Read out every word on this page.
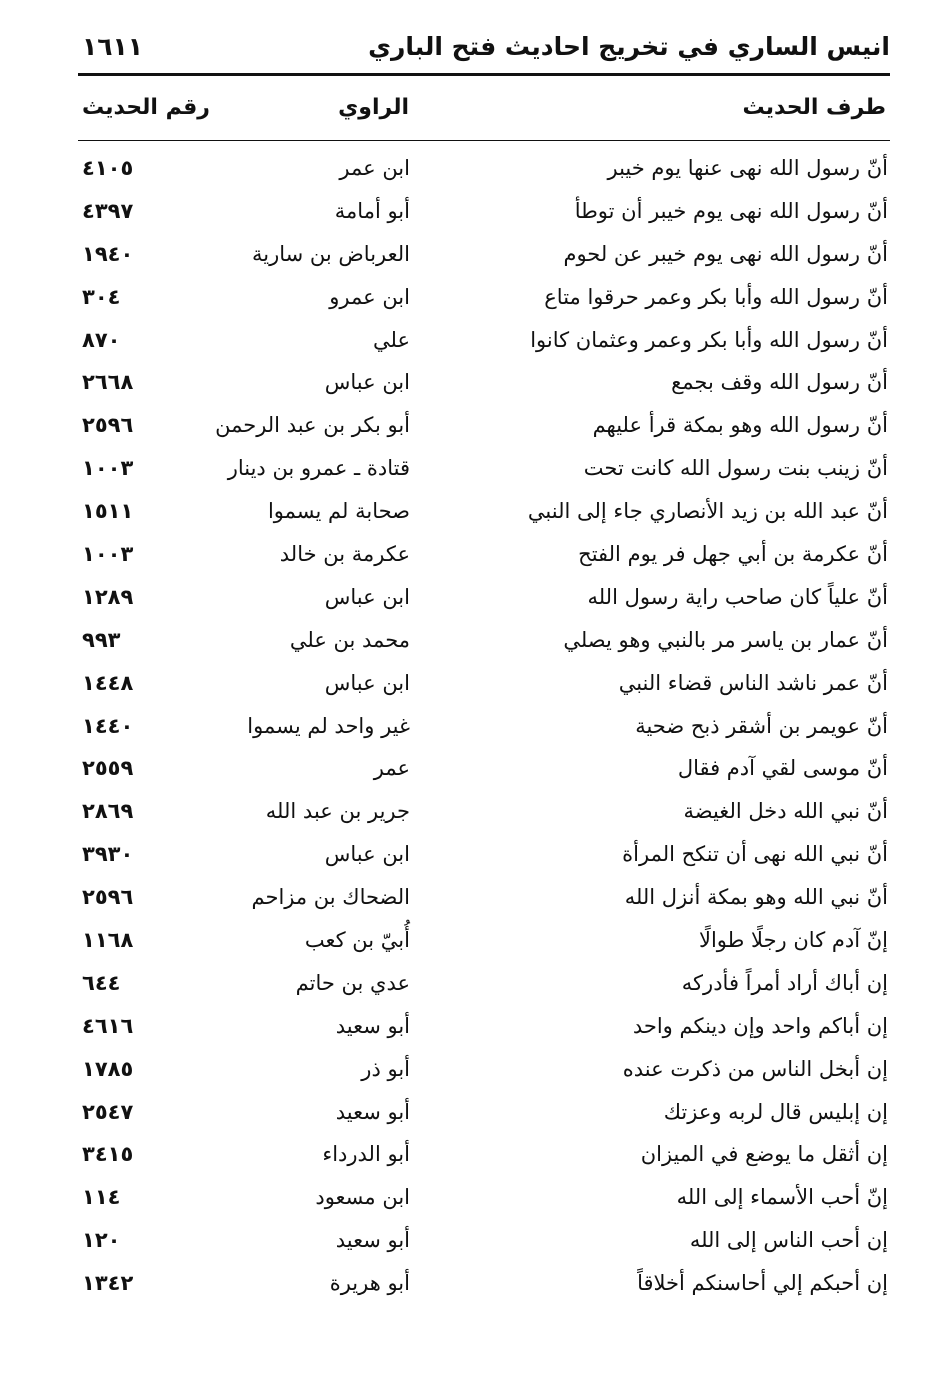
انيس الساري في تخريج احاديث فتح الباري
١٦١١
طرف الحديث
الراوي
رقم الحديث
أنّ رسول الله نهى عنها يوم خيبر
ابن عمر
٤١٠٥
أنّ رسول الله نهى يوم خيبر أن توطأ
أبو أمامة
٤٣٩٧
أنّ رسول الله نهى يوم خيبر عن لحوم
العرباض بن سارية
١٩٤٠
أنّ رسول الله وأبا بكر وعمر حرقوا متاع
ابن عمرو
٣٠٤
أنّ رسول الله وأبا بكر وعمر وعثمان كانوا
علي
٨٧٠
أنّ رسول الله وقف بجمع
ابن عباس
٢٦٦٨
أنّ رسول الله وهو بمكة قرأ عليهم
أبو بكر بن عبد الرحمن
٢٥٩٦
أنّ زينب بنت رسول الله كانت تحت
قتادة ـ عمرو بن دينار
١٠٠٣
أنّ عبد الله بن زيد الأنصاري جاء إلى النبي
صحابة لم يسموا
١٥١١
أنّ عكرمة بن أبي جهل فر يوم الفتح
عكرمة بن خالد
١٠٠٣
أنّ علياً كان صاحب راية رسول الله
ابن عباس
١٢٨٩
أنّ عمار بن ياسر مر بالنبي وهو يصلي
محمد بن علي
٩٩٣
أنّ عمر ناشد الناس قضاء النبي
ابن عباس
١٤٤٨
أنّ عويمر بن أشقر ذبح ضحية
غير واحد لم يسموا
١٤٤٠
أنّ موسى لقي آدم فقال
عمر
٢٥٥٩
أنّ نبي الله دخل الغيضة
جرير بن عبد الله
٢٨٦٩
أنّ نبي الله نهى أن تنكح المرأة
ابن عباس
٣٩٣٠
أنّ نبي الله وهو بمكة أنزل الله
الضحاك بن مزاحم
٢٥٩٦
إنّ آدم كان رجلًا طوالًا
أُبيّ بن كعب
١١٦٨
إن أباك أراد أمراً فأدركه
عدي بن حاتم
٦٤٤
إن أباكم واحد وإن دينكم واحد
أبو سعيد
٤٦١٦
إن أبخل الناس من ذكرت عنده
أبو ذر
١٧٨٥
إن إبليس قال لربه وعزتك
أبو سعيد
٢٥٤٧
إن أثقل ما يوضع في الميزان
أبو الدرداء
٣٤١٥
إنّ أحب الأسماء إلى الله
ابن مسعود
١١٤
إن أحب الناس إلى الله
أبو سعيد
١٢٠
إن أحبكم إلي أحاسنكم أخلاقاً
أبو هريرة
١٣٤٢
